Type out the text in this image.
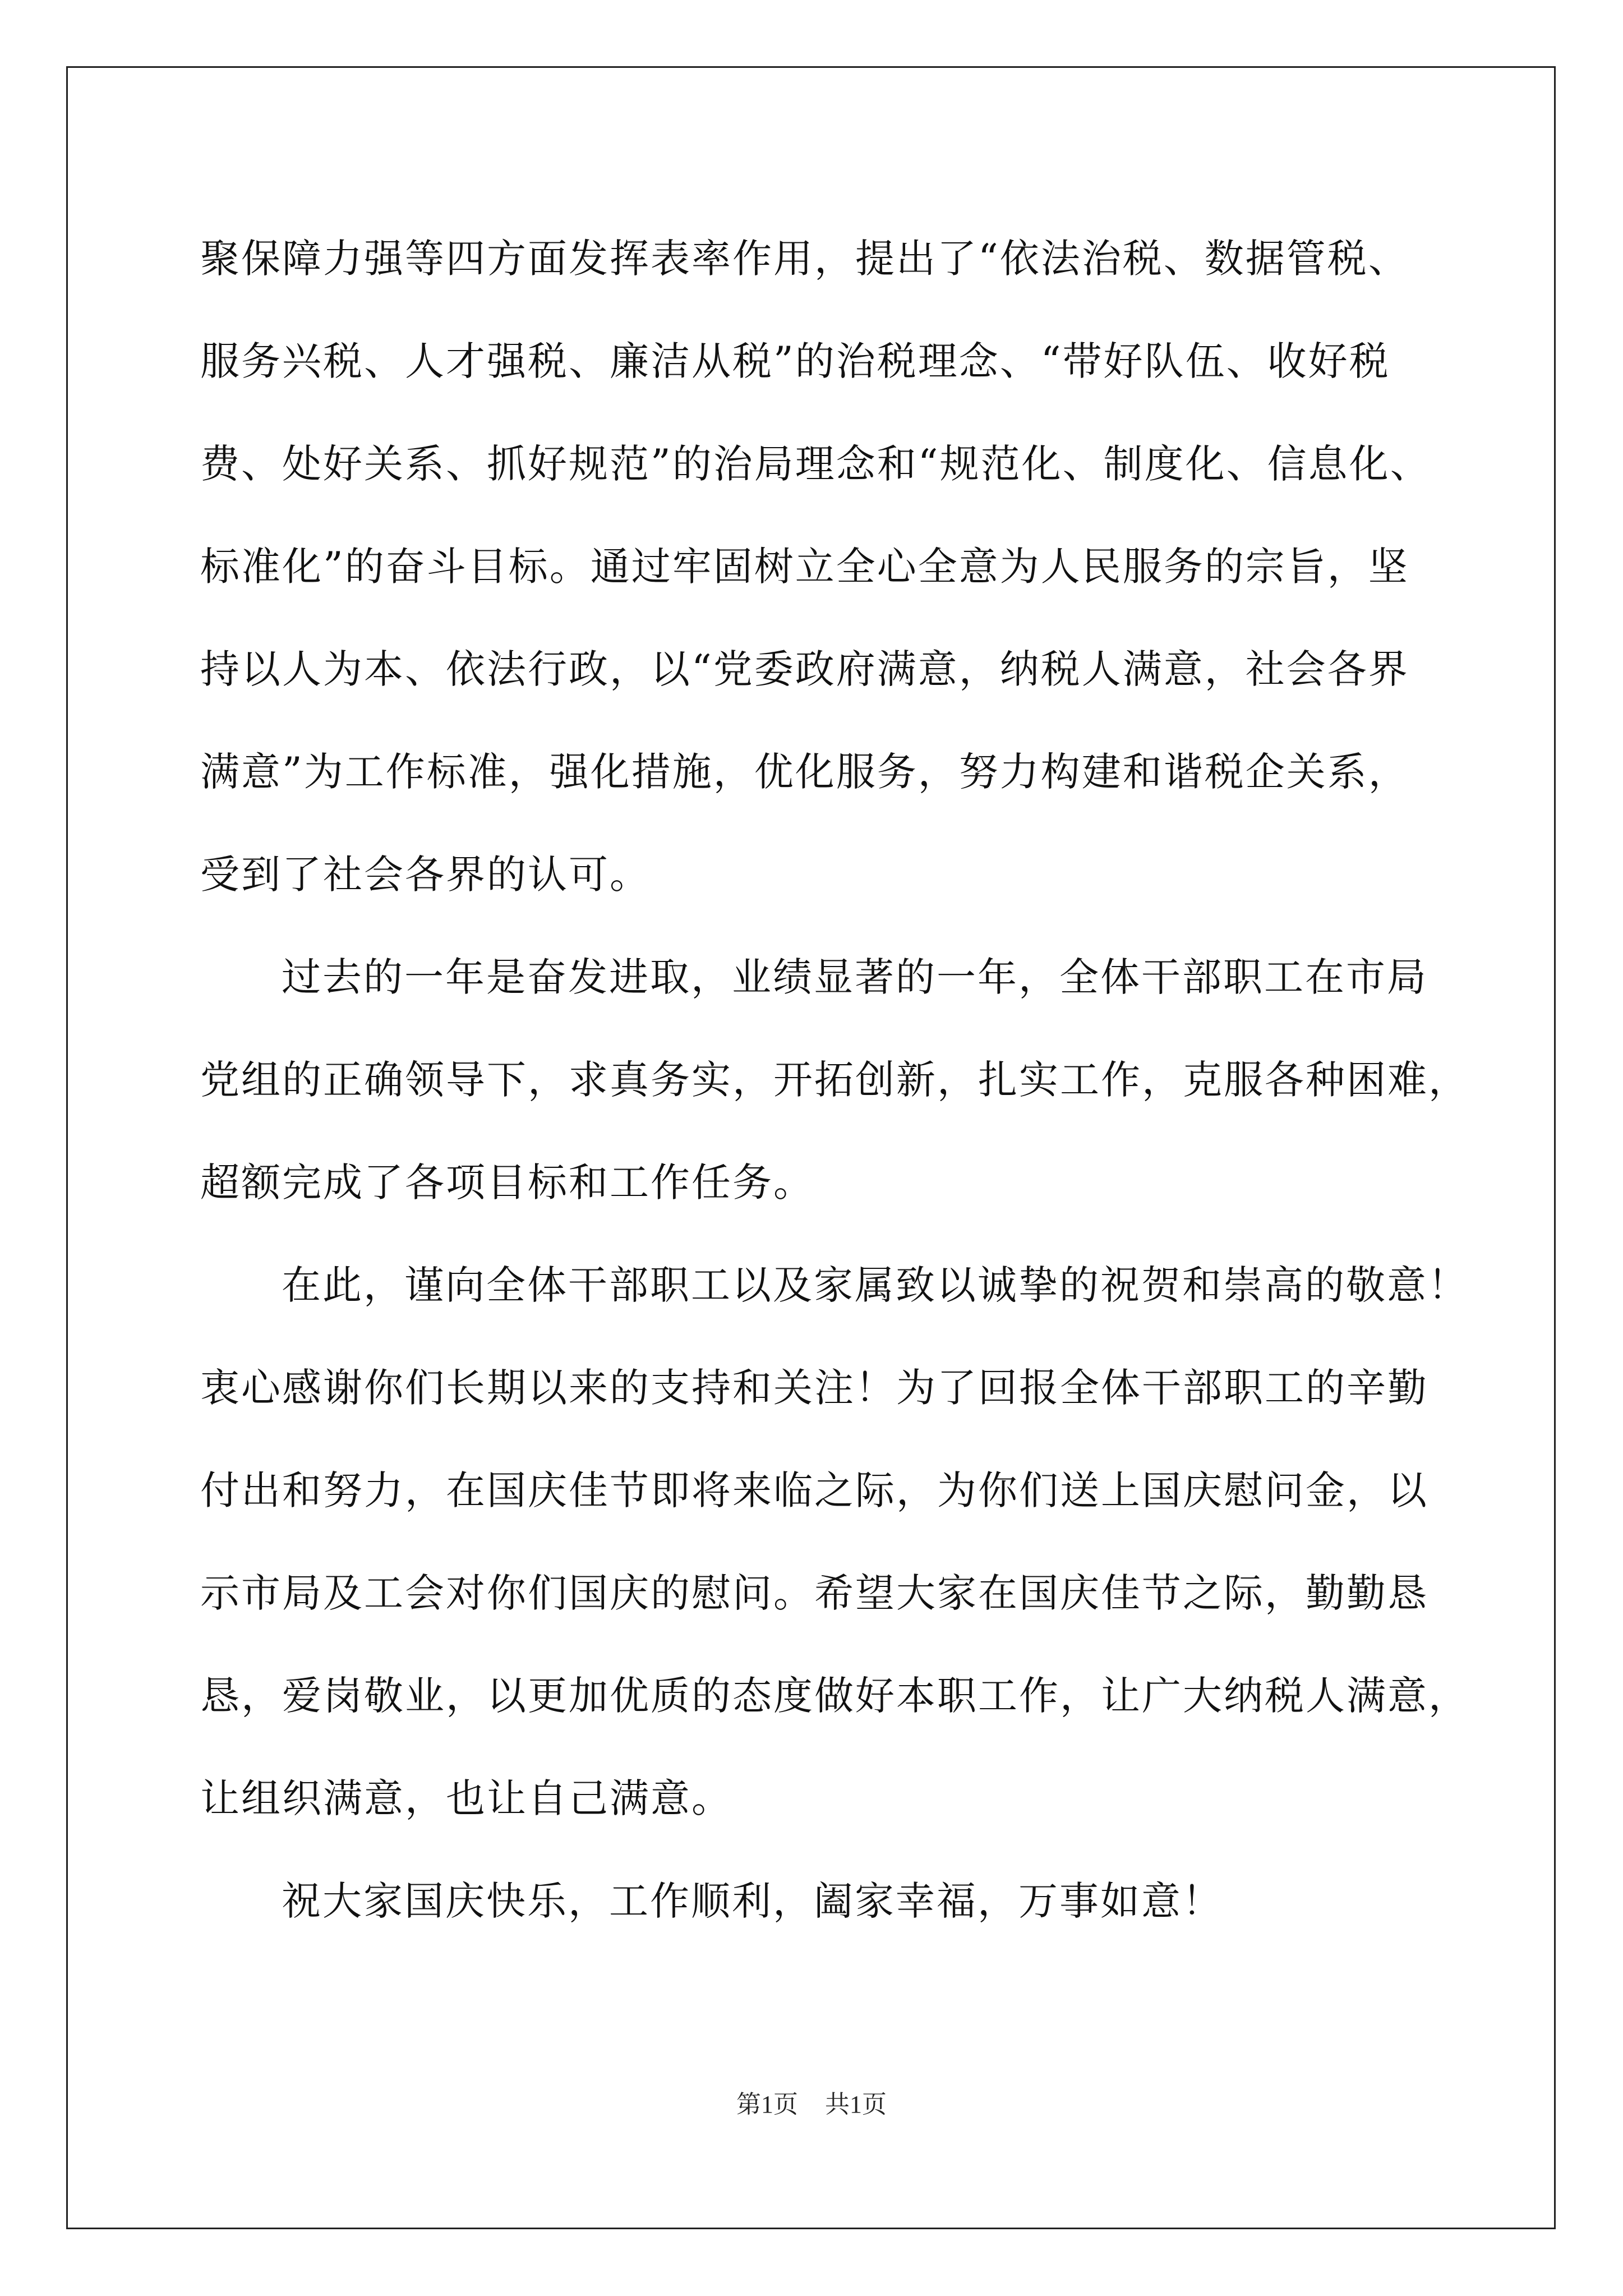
聚保障力强等四方面发挥表率作用，提出了“依法治税、数据管税、
服务兴税、人才强税、廉洁从税”的治税理念、“带好队伍、收好税
费、处好关系、抓好规范”的治局理念和“规范化、制度化、信息化、
标准化”的奋斗目标。通过牢固树立全心全意为人民服务的宗旨，坚
持以人为本、依法行政，以“党委政府满意，纳税人满意，社会各界
满意”为工作标准，强化措施，优化服务，努力构建和谐税企关系，
受到了社会各界的认可。

过去的一年是奋发进取，业绩显著的一年，全体干部职工在市局
党组的正确领导下，求真务实，开拓创新，扎实工作，克服各种困难，
超额完成了各项目标和工作任务。

在此，谨向全体干部职工以及家属致以诚挚的祝贺和崇高的敬意！
衷心感谢你们长期以来的支持和关注！为了回报全体干部职工的辛勤
付出和努力，在国庆佳节即将来临之际，为你们送上国庆慰问金，以
示市局及工会对你们国庆的慰问。希望大家在国庆佳节之际，勤勤恳
恳，爱岗敬业，以更加优质的态度做好本职工作，让广大纳税人满意，
让组织满意，也让自己满意。

祝大家国庆快乐，工作顺利，阖家幸福，万事如意！

第1页 共1页
